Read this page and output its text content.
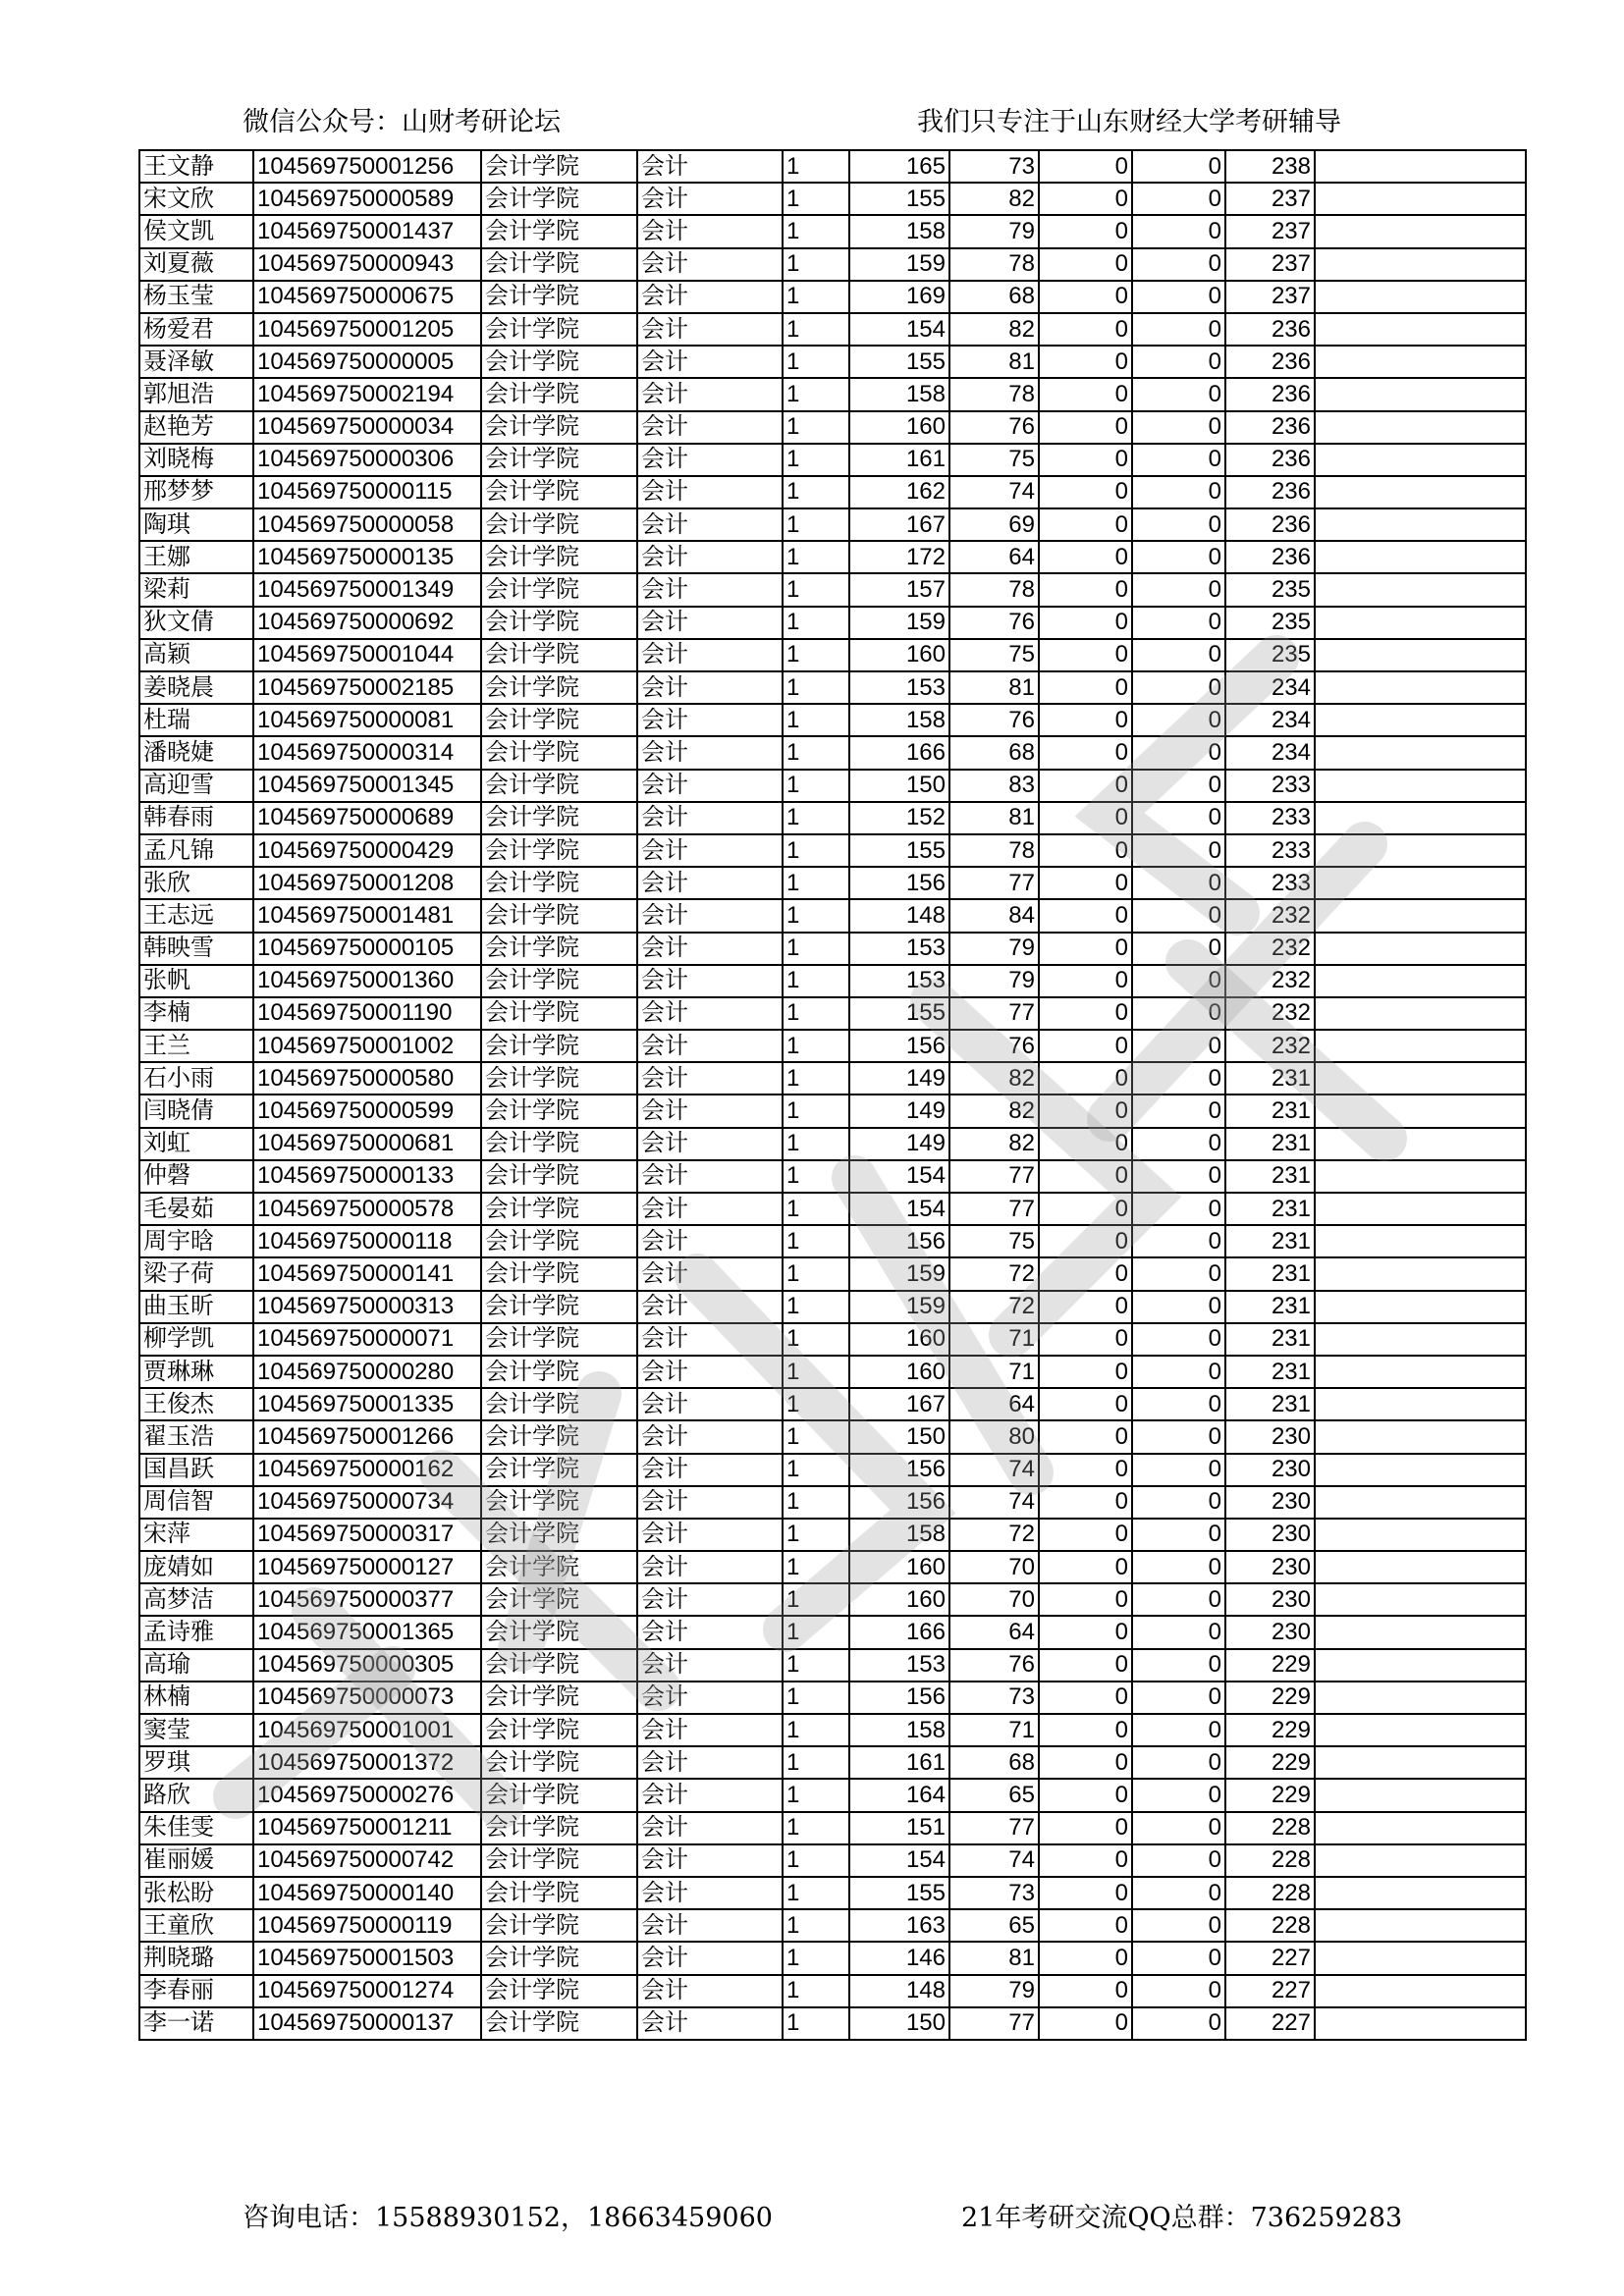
微信公众号：山财考研论坛	我们只专注于山东财经大学考研辅导
王文静	104569750001256	会计学院	会计	1	165	73	0	0	238	
宋文欣	104569750000589	会计学院	会计	1	155	82	0	0	237	
侯文凯	104569750001437	会计学院	会计	1	158	79	0	0	237	
刘夏薇	104569750000943	会计学院	会计	1	159	78	0	0	237	
杨玉莹	104569750000675	会计学院	会计	1	169	68	0	0	237	
杨爱君	104569750001205	会计学院	会计	1	154	82	0	0	236	
聂泽敏	104569750000005	会计学院	会计	1	155	81	0	0	236	
郭旭浩	104569750002194	会计学院	会计	1	158	78	0	0	236	
赵艳芳	104569750000034	会计学院	会计	1	160	76	0	0	236	
刘晓梅	104569750000306	会计学院	会计	1	161	75	0	0	236	
邢梦梦	104569750000115	会计学院	会计	1	162	74	0	0	236	
陶琪	104569750000058	会计学院	会计	1	167	69	0	0	236	
王娜	104569750000135	会计学院	会计	1	172	64	0	0	236	
梁莉	104569750001349	会计学院	会计	1	157	78	0	0	235	
狄文倩	104569750000692	会计学院	会计	1	159	76	0	0	235	
高颖	104569750001044	会计学院	会计	1	160	75	0	0	235	
姜晓晨	104569750002185	会计学院	会计	1	153	81	0	0	234	
杜瑞	104569750000081	会计学院	会计	1	158	76	0	0	234	
潘晓婕	104569750000314	会计学院	会计	1	166	68	0	0	234	
高迎雪	104569750001345	会计学院	会计	1	150	83	0	0	233	
韩春雨	104569750000689	会计学院	会计	1	152	81	0	0	233	
孟凡锦	104569750000429	会计学院	会计	1	155	78	0	0	233	
张欣	104569750001208	会计学院	会计	1	156	77	0	0	233	
王志远	104569750001481	会计学院	会计	1	148	84	0	0	232	
韩映雪	104569750000105	会计学院	会计	1	153	79	0	0	232	
张帆	104569750001360	会计学院	会计	1	153	79	0	0	232	
李楠	104569750001190	会计学院	会计	1	155	77	0	0	232	
王兰	104569750001002	会计学院	会计	1	156	76	0	0	232	
石小雨	104569750000580	会计学院	会计	1	149	82	0	0	231	
闫晓倩	104569750000599	会计学院	会计	1	149	82	0	0	231	
刘虹	104569750000681	会计学院	会计	1	149	82	0	0	231	
仲磬	104569750000133	会计学院	会计	1	154	77	0	0	231	
毛晏茹	104569750000578	会计学院	会计	1	154	77	0	0	231	
周宇晗	104569750000118	会计学院	会计	1	156	75	0	0	231	
梁子荷	104569750000141	会计学院	会计	1	159	72	0	0	231	
曲玉昕	104569750000313	会计学院	会计	1	159	72	0	0	231	
柳学凯	104569750000071	会计学院	会计	1	160	71	0	0	231	
贾琳琳	104569750000280	会计学院	会计	1	160	71	0	0	231	
王俊杰	104569750001335	会计学院	会计	1	167	64	0	0	231	
翟玉浩	104569750001266	会计学院	会计	1	150	80	0	0	230	
国昌跃	104569750000162	会计学院	会计	1	156	74	0	0	230	
周信智	104569750000734	会计学院	会计	1	156	74	0	0	230	
宋萍	104569750000317	会计学院	会计	1	158	72	0	0	230	
庞婧如	104569750000127	会计学院	会计	1	160	70	0	0	230	
高梦洁	104569750000377	会计学院	会计	1	160	70	0	0	230	
孟诗雅	104569750001365	会计学院	会计	1	166	64	0	0	230	
高瑜	104569750000305	会计学院	会计	1	153	76	0	0	229	
林楠	104569750000073	会计学院	会计	1	156	73	0	0	229	
窦莹	104569750001001	会计学院	会计	1	158	71	0	0	229	
罗琪	104569750001372	会计学院	会计	1	161	68	0	0	229	
路欣	104569750000276	会计学院	会计	1	164	65	0	0	229	
朱佳雯	104569750001211	会计学院	会计	1	151	77	0	0	228	
崔丽媛	104569750000742	会计学院	会计	1	154	74	0	0	228	
张松盼	104569750000140	会计学院	会计	1	155	73	0	0	228	
王童欣	104569750000119	会计学院	会计	1	163	65	0	0	228	
荆晓璐	104569750001503	会计学院	会计	1	146	81	0	0	227	
李春丽	104569750001274	会计学院	会计	1	148	79	0	0	227	
李一诺	104569750000137	会计学院	会计	1	150	77	0	0	227	
咨询电话：15588930152，18663459060	21年考研交流QQ总群：736259283
